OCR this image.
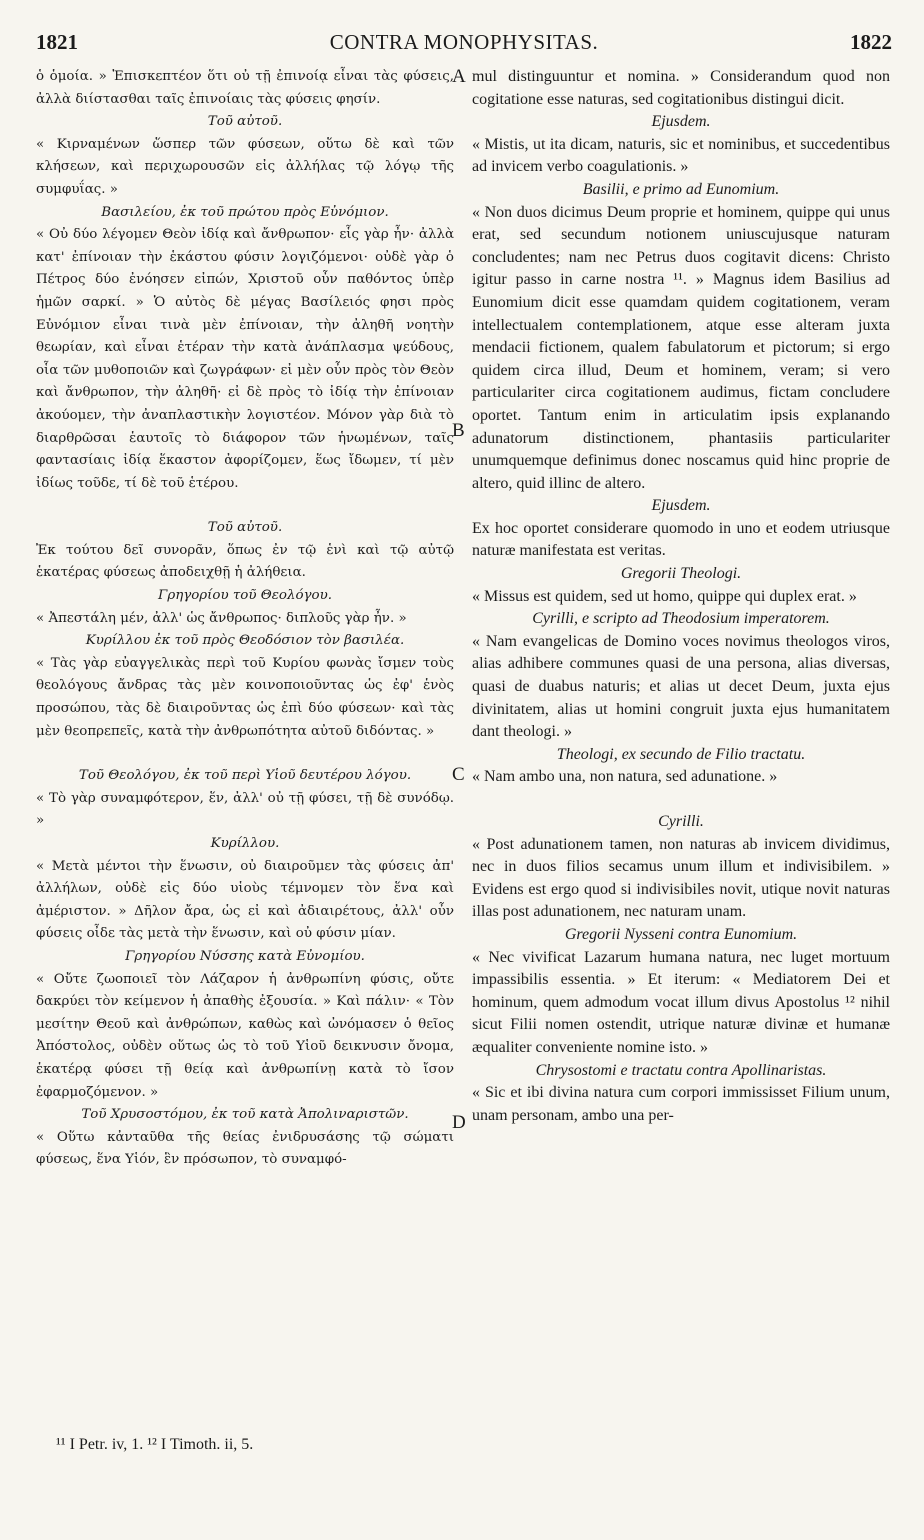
1821	CONTRA MONOPHYSITAS.	1822
ὁ ὁμοία. » Ἐπισκεπτέον ὅτι οὐ τῇ ἐπινοίᾳ εἶναι τὰς φύσεις, ἀλλὰ διίστασθαι ταῖς ἐπινοίαις τὰς φύσεις φησίν.
Τοῦ αὐτοῦ.
« Κιρναμένων ὥσπερ τῶν φύσεων, οὕτω δὲ καὶ τῶν κλήσεων, καὶ περιχωρουσῶν εἰς ἀλλήλας τῷ λόγῳ τῆς συμφυΐας. »
Βασιλείου, ἐκ τοῦ πρώτου πρὸς Εὐνόμιον.
« Οὐ δύο λέγομεν Θεὸν ἰδίᾳ καὶ ἄνθρωπον· εἷς γὰρ ἦν· ἀλλὰ κατ' ἐπίνοιαν τὴν ἑκάστου φύσιν λογιζόμενοι· οὐδὲ γὰρ ὁ Πέτρος δύο ἐνόησεν εἰπών, Χριστοῦ οὖν παθόντος ὑπὲρ ἡμῶν σαρκί. » Ὁ αὐτὸς δὲ μέγας Βασίλειός φησι πρὸς Εὐνόμιον εἶναι τινὰ μὲν ἐπίνοιαν, τὴν ἀληθῆ νοητὴν θεωρίαν, καὶ εἶναι ἑτέραν τὴν κατὰ ἀνάπλασμα ψεύδους, οἷα τῶν μυθοποιῶν καὶ ζωγράφων· εἰ μὲν οὖν πρὸς τὸν Θεὸν καὶ ἄνθρωπον, τὴν ἀληθῆ· εἰ δὲ πρὸς τὸ ἰδίᾳ τὴν ἐπίνοιαν ἀκούομεν, τὴν ἀναπλαστικὴν λογιστέον. Μόνον γὰρ διὰ τὸ διαρθρῶσαι ἑαυτοῖς τὸ διάφορον τῶν ἡνωμένων, ταῖς φαντασίαις ἰδίᾳ ἕκαστον ἀφορίζομεν, ἕως ἴδωμεν, τί μὲν ἰδίως τοῦδε, τί δὲ τοῦ ἑτέρου.
Τοῦ αὐτοῦ.
Ἐκ τούτου δεῖ συνορᾶν, ὅπως ἐν τῷ ἑνὶ καὶ τῷ αὐτῷ ἑκατέρας φύσεως ἀποδειχθῇ ἡ ἀλήθεια.
Γρηγορίου τοῦ Θεολόγου.
« Ἀπεστάλη μέν, ἀλλ' ὡς ἄνθρωπος· διπλοῦς γὰρ ἦν. »
Κυρίλλου ἐκ τοῦ πρὸς Θεοδόσιον τὸν βασιλέα.
« Τὰς γὰρ εὐαγγελικὰς περὶ τοῦ Κυρίου φωνὰς ἴσμεν τοὺς θεολόγους ἄνδρας τὰς μὲν κοινοποιοῦντας ὡς ἐφ' ἑνὸς προσώπου, τὰς δὲ διαιροῦντας ὡς ἐπὶ δύο φύσεων· καὶ τὰς μὲν θεοπρεπεῖς, κατὰ τὴν ἀνθρωπότητα αὐτοῦ διδόντας. »
Τοῦ Θεολόγου, ἐκ τοῦ περὶ Υἱοῦ δευτέρου λόγου.
« Τὸ γὰρ συναμφότερον, ἕν, ἀλλ' οὐ τῇ φύσει, τῇ δὲ συνόδῳ. »
Κυρίλλου.
« Μετὰ μέντοι τὴν ἕνωσιν, οὐ διαιροῦμεν τὰς φύσεις ἀπ' ἀλλήλων, οὐδὲ εἰς δύο υἱοὺς τέμνομεν τὸν ἕνα καὶ ἀμέριστον. » Δῆλον ἄρα, ὡς εἰ καὶ ἀδιαιρέτους, ἀλλ' οὖν φύσεις οἶδε τὰς μετὰ τὴν ἕνωσιν, καὶ οὐ φύσιν μίαν.
Γρηγορίου Νύσσης κατὰ Εὐνομίου.
« Οὔτε ζωοποιεῖ τὸν Λάζαρον ἡ ἀνθρωπίνη φύσις, οὔτε δακρύει τὸν κείμενον ἡ ἀπαθὴς ἐξουσία. » Καὶ πάλιν· « Τὸν μεσίτην Θεοῦ καὶ ἀνθρώπων, καθὼς καὶ ὠνόμασεν ὁ θεῖος Ἀπόστολος, οὐδὲν οὕτως ὡς τὸ τοῦ Υἱοῦ δεικνυσιν ὄνομα, ἑκατέρᾳ φύσει τῇ θείᾳ καὶ ἀνθρωπίνῃ κατὰ τὸ ἴσον ἐφαρμοζόμενον. »
Τοῦ Χρυσοστόμου, ἐκ τοῦ κατὰ Ἀπολιναριστῶν.
« Οὕτω κἀνταῦθα τῆς θείας ἐνιδρυσάσης τῷ σώματι φύσεως, ἕνα Υἱόν, ἓν πρόσωπον, τὸ συναμφό-
mul distinguuntur et nomina. » Considerandum quod non cogitatione esse naturas, sed cogitationibus distingui dicit.
Ejusdem.
« Mistis, ut ita dicam, naturis, sic et nominibus, et succedentibus ad invicem verbo coagulationis. »
Basilii, e primo ad Eunomium.
« Non duos dicimus Deum proprie et hominem, quippe qui unus erat, sed secundum notionem uniuscujusque naturam concludentes; nam nec Petrus duos cogitavit dicens: Christo igitur passo in carne nostra ¹¹. » Magnus idem Basilius ad Eunomium dicit esse quamdam quidem cogitationem, veram intellectualem contemplationem, atque esse alteram juxta mendacii fictionem, qualem fabulatorum et pictorum; si ergo quidem circa illud, Deum et hominem, veram; si vero particulariter circa cogitationem audimus, fictam concludere oportet. Tantum enim in articulatim ipsis explanando adunatorum distinctionem, phantasiis particulariter unumquemque definimus donec noscamus quid hinc proprie de altero, quid illinc de altero.
Ejusdem.
Ex hoc oportet considerare quomodo in uno et eodem utriusque naturæ manifestata est veritas.
Gregorii Theologi.
« Missus est quidem, sed ut homo, quippe qui duplex erat. »
Cyrilli, e scripto ad Theodosium imperatorem.
« Nam evangelicas de Domino voces novimus theologos viros, alias adhibere communes quasi de una persona, alias diversas, quasi de duabus naturis; et alias ut decet Deum, juxta ejus divinitatem, alias ut homini congruit juxta ejus humanitatem dant theologi. »
Theologi, ex secundo de Filio tractatu.
« Nam ambo una, non natura, sed adunatione. »
Cyrilli.
« Post adunationem tamen, non naturas ab invicem dividimus, nec in duos filios secamus unum illum et indivisibilem. » Evidens est ergo quod si indivisibiles novit, utique novit naturas illas post adunationem, nec naturam unam.
Gregorii Nysseni contra Eunomium.
« Nec vivificat Lazarum humana natura, nec luget mortuum impassibilis essentia. » Et iterum: « Mediatorem Dei et hominum, quem admodum vocat illum divus Apostolus ¹² nihil sicut Filii nomen ostendit, utrique naturæ divinæ et humanæ æqualiter conveniente nomine isto. »
Chrysostomi e tractatu contra Apollinaristas.
« Sic et ibi divina natura cum corpori immississet Filium unum, unam personam, ambo una per-
A
B
C
D
¹¹ I Petr. iv, 1. ¹² I Timoth. ii, 5.
